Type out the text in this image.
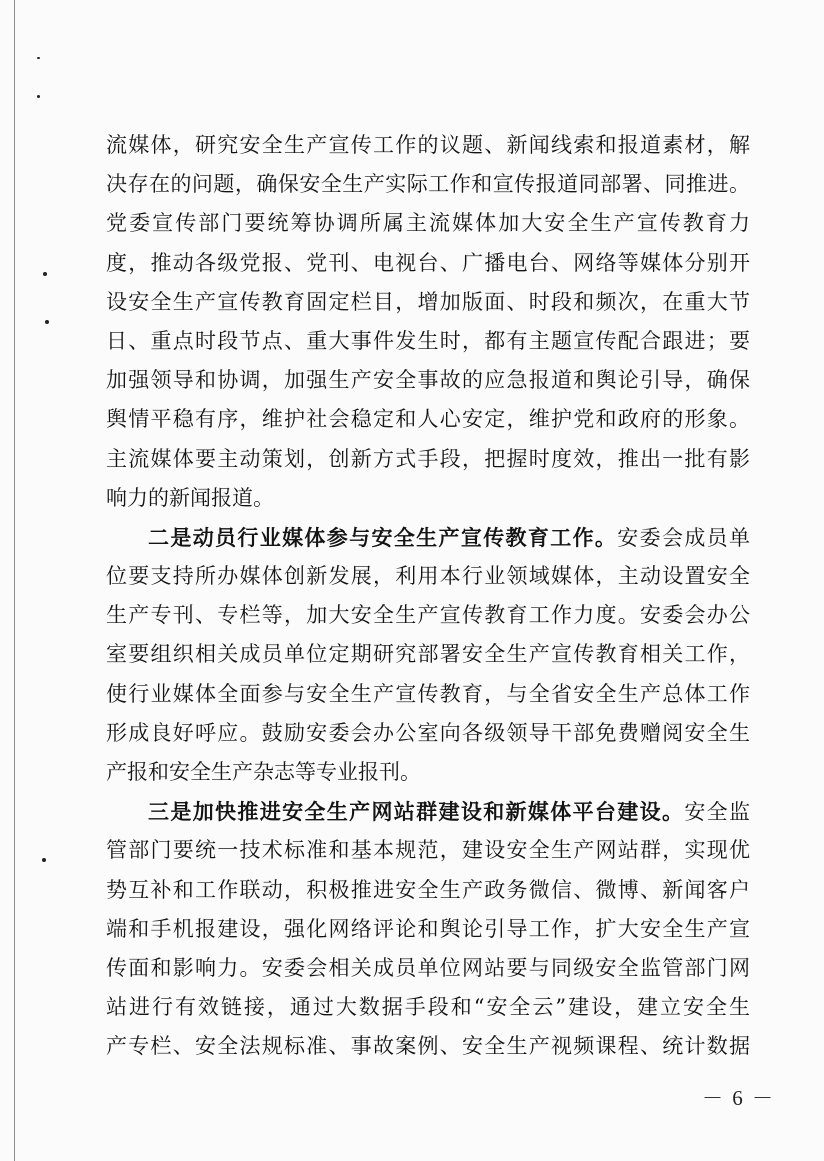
流媒体，研究安全生产宣传工作的议题、新闻线索和报道素材，解
决存在的问题，确保安全生产实际工作和宣传报道同部署、同推进。
党委宣传部门要统筹协调所属主流媒体加大安全生产宣传教育力
度，推动各级党报、党刊、电视台、广播电台、网络等媒体分别开
设安全生产宣传教育固定栏目，增加版面、时段和频次，在重大节
日、重点时段节点、重大事件发生时，都有主题宣传配合跟进；要
加强领导和协调，加强生产安全事故的应急报道和舆论引导，确保
舆情平稳有序，维护社会稳定和人心安定，维护党和政府的形象。
主流媒体要主动策划，创新方式手段，把握时度效，推出一批有影
响力的新闻报道。
二是动员行业媒体参与安全生产宣传教育工作。安委会成员单
位要支持所办媒体创新发展，利用本行业领域媒体，主动设置安全
生产专刊、专栏等，加大安全生产宣传教育工作力度。安委会办公
室要组织相关成员单位定期研究部署安全生产宣传教育相关工作，
使行业媒体全面参与安全生产宣传教育，与全省安全生产总体工作
形成良好呼应。鼓励安委会办公室向各级领导干部免费赠阅安全生
产报和安全生产杂志等专业报刊。
三是加快推进安全生产网站群建设和新媒体平台建设。安全监
管部门要统一技术标准和基本规范，建设安全生产网站群，实现优
势互补和工作联动，积极推进安全生产政务微信、微博、新闻客户
端和手机报建设，强化网络评论和舆论引导工作，扩大安全生产宣
传面和影响力。安委会相关成员单位网站要与同级安全监管部门网
站进行有效链接，通过大数据手段和“安全云”建设，建立安全生
产专栏、安全法规标准、事故案例、安全生产视频课程、统计数据
－ 6 －
